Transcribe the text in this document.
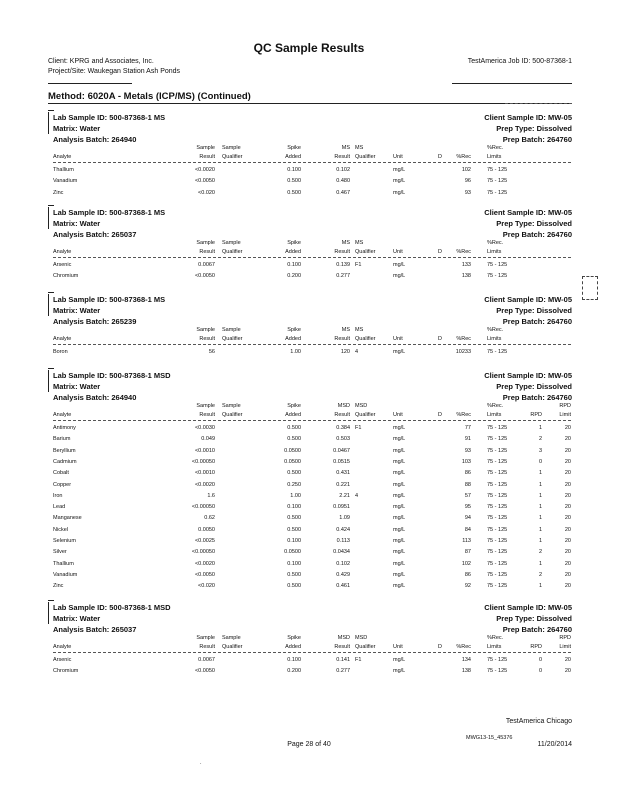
QC Sample Results
Client: KPRG and Associates, Inc.
Project/Site: Waukegan Station Ash Ponds
TestAmerica Job ID: 500-87368-1
Method: 6020A - Metals (ICP/MS) (Continued)
Lab Sample ID: 500-87368-1 MS
Matrix: Water
Analysis Batch: 264940
Client Sample ID: MW-05
Prep Type: Dissolved
Prep Batch: 264760
Sample Sample	Spike	MS MS	%Rec.
Analyte	Result Qualifier	Added	Result Qualifier	Unit	D	%Rec	Limits
Thallium	<0.0020	0.100	0.102	mg/L	102	75 - 125
Vanadium	<0.0050	0.500	0.480	mg/L	96	75 - 125
Zinc	<0.020	0.500	0.467	mg/L	93	75 - 125
Lab Sample ID: 500-87368-1 MS
Matrix: Water
Analysis Batch: 265037
Client Sample ID: MW-05
Prep Type: Dissolved
Prep Batch: 264760
Sample Sample	Spike	MS MS	%Rec.
Analyte	Result Qualifier	Added	Result Qualifier	Unit	D	%Rec	Limits
Arsenic	0.0067	0.100	0.139 F1	mg/L	133	75 - 125
Chromium	<0.0050	0.200	0.277	mg/L	138	75 - 125
Lab Sample ID: 500-87368-1 MS
Matrix: Water
Analysis Batch: 265239
Client Sample ID: MW-05
Prep Type: Dissolved
Prep Batch: 264760
Sample Sample	Spike	MS MS	%Rec.
Analyte	Result Qualifier	Added	Result Qualifier	Unit	D	%Rec	Limits
Boron	56	1.00	120 4	mg/L	10233	75 - 125
Lab Sample ID: 500-87368-1 MSD
Matrix: Water
Analysis Batch: 264940
Client Sample ID: MW-05
Prep Type: Dissolved
Prep Batch: 264760
Sample Sample	Spike	MSD MSD	%Rec.	RPD
Analyte	Result Qualifier	Added	Result Qualifier	Unit	D	%Rec	Limits	RPD	Limit
Antimony	<0.0030	0.500	0.384 F1	mg/L	77	75 - 125	1	20
Barium	0.049	0.500	0.503	mg/L	91	75 - 125	2	20
Beryllium	<0.0010	0.0500	0.0467	mg/L	93	75 - 125	3	20
Cadmium	<0.00050	0.0500	0.0515	mg/L	103	75 - 125	0	20
Cobalt	<0.0010	0.500	0.431	mg/L	86	75 - 125	1	20
Copper	<0.0020	0.250	0.221	mg/L	88	75 - 125	1	20
Iron	1.6	1.00	2.21 4	mg/L	57	75 - 125	1	20
Lead	<0.00050	0.100	0.0951	mg/L	95	75 - 125	1	20
Manganese	0.62	0.500	1.09	mg/L	94	75 - 125	1	20
Nickel	0.0050	0.500	0.424	mg/L	84	75 - 125	1	20
Selenium	<0.0025	0.100	0.113	mg/L	113	75 - 125	1	20
Silver	<0.00050	0.0500	0.0434	mg/L	87	75 - 125	2	20
Thallium	<0.0020	0.100	0.102	mg/L	102	75 - 125	1	20
Vanadium	<0.0050	0.500	0.429	mg/L	86	75 - 125	2	20
Zinc	<0.020	0.500	0.461	mg/L	92	75 - 125	1	20
Lab Sample ID: 500-87368-1 MSD
Matrix: Water
Analysis Batch: 265037
Client Sample ID: MW-05
Prep Type: Dissolved
Prep Batch: 264760
Sample Sample	Spike	MSD MSD	%Rec.	RPD
Analyte	Result Qualifier	Added	Result Qualifier	Unit	D	%Rec	Limits	RPD	Limit
Arsenic	0.0067	0.100	0.141 F1	mg/L	134	75 - 125	0	20
Chromium	<0.0050	0.200	0.277	mg/L	138	75 - 125	0	20
TestAmerica Chicago
MWG13-15_45376
Page 28 of 40	11/20/2014
.
